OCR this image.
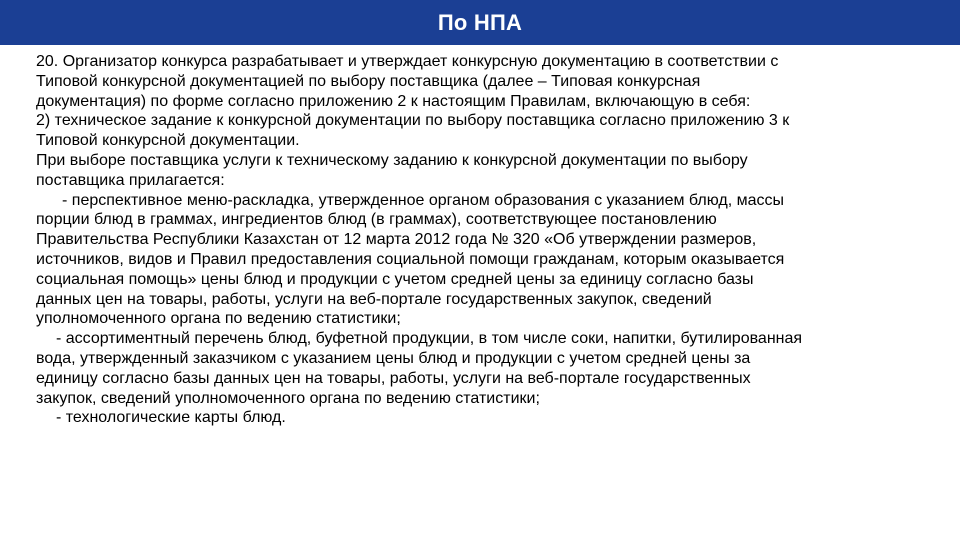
По НПА
20. Организатор конкурса разрабатывает и утверждает конкурсную документацию в соответствии с
Типовой конкурсной документацией по выбору поставщика (далее – Типовая конкурсная
документация) по форме согласно приложению 2 к настоящим Правилам, включающую в себя:
2) техническое задание к конкурсной документации по выбору поставщика согласно приложению 3 к
Типовой конкурсной документации.
При выборе поставщика услуги к техническому заданию к конкурсной документации по выбору
поставщика прилагается:
- перспективное меню-раскладка, утвержденное органом образования с указанием блюд, массы
порции блюд в граммах, ингредиентов блюд (в граммах), соответствующее постановлению
Правительства Республики Казахстан от 12 марта 2012 года № 320 «Об утверждении размеров,
источников, видов и Правил предоставления социальной помощи гражданам, которым оказывается
социальная помощь» цены блюд и продукции с учетом средней цены за единицу согласно базы
данных цен на товары, работы, услуги на веб-портале государственных закупок, сведений
уполномоченного органа по ведению статистики;
- ассортиментный перечень блюд, буфетной продукции, в том числе соки, напитки, бутилированная
вода, утвержденный заказчиком с указанием цены блюд и продукции с учетом средней цены за
единицу согласно базы данных цен на товары, работы, услуги на веб-портале государственных
закупок, сведений уполномоченного органа по ведению статистики;
- технологические карты блюд.
